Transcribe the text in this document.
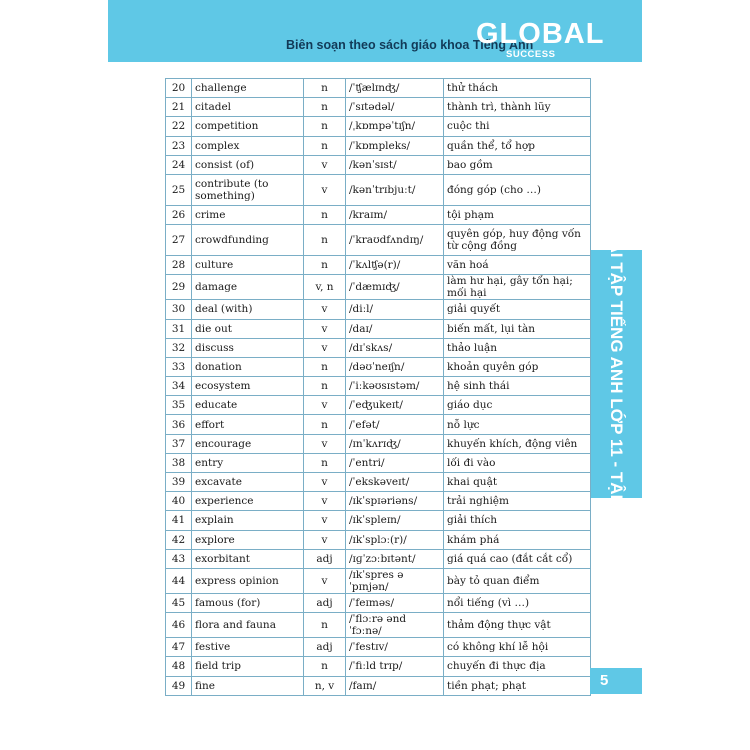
Biên soạn theo sách giáo khoa Tiếng Anh
GLOBAL
SUCCESS
BÀI TẬP TIẾNG ANH LỚP 11 - TẬP 2
20	challenge	n	/ˈʧælɪnʤ/	thử thách
21	citadel	n	/ˈsɪtədəl/	thành trì, thành lũy
22	competition	n	/ˌkɒmpəˈtɪʃn/	cuộc thi
23	complex	n	/ˈkɒmpleks/	quần thể, tổ hợp
24	consist (of)	v	/kənˈsɪst/	bao gồm
25	contribute (to something)	v	/kənˈtrɪbjuːt/	đóng góp (cho …)
26	crime	n	/kraɪm/	tội phạm
27	crowdfunding	n	/ˈkraʊdfʌndɪŋ/	quyên góp, huy động vốn từ cộng đồng
28	culture	n	/ˈkʌlʧə(r)/	văn hoá
29	damage	v, n	/ˈdæmɪʤ/	làm hư hại, gây tổn hại; mối hại
30	deal (with)	v	/diːl/	giải quyết
31	die out	v	/daɪ/	biến mất, lụi tàn
32	discuss	v	/dɪˈskʌs/	thảo luận
33	donation	n	/dəʊˈneɪʃn/	khoản quyên góp
34	ecosystem	n	/ˈiːkəʊsɪstəm/	hệ sinh thái
35	educate	v	/ˈeʤukeɪt/	giáo dục
36	effort	n	/ˈefət/	nỗ lực
37	encourage	v	/ɪnˈkʌrɪʤ/	khuyến khích, động viên
38	entry	n	/ˈentri/	lối đi vào
39	excavate	v	/ˈekskəveɪt/	khai quật
40	experience	v	/ɪkˈspɪəriəns/	trải nghiệm
41	explain	v	/ɪkˈspleɪn/	giải thích
42	explore	v	/ɪkˈsplɔː(r)/	khám phá
43	exorbitant	adj	/ɪɡˈzɔːbɪtənt/	giá quá cao (đắt cắt cổ)
44	express opinion	v	/ɪkˈspres əˈpɪnjən/	bày tỏ quan điểm
45	famous (for)	adj	/ˈfeɪməs/	nổi tiếng (vì …)
46	flora and fauna	n	/ˈflɔːrə ənd ˈfɔːnə/	thảm động thực vật
47	festive	adj	/ˈfestɪv/	có không khí lễ hội
48	field trip	n	/ˈfiːld trɪp/	chuyến đi thực địa
49	fine	n, v	/faɪn/	tiền phạt; phạt	5
